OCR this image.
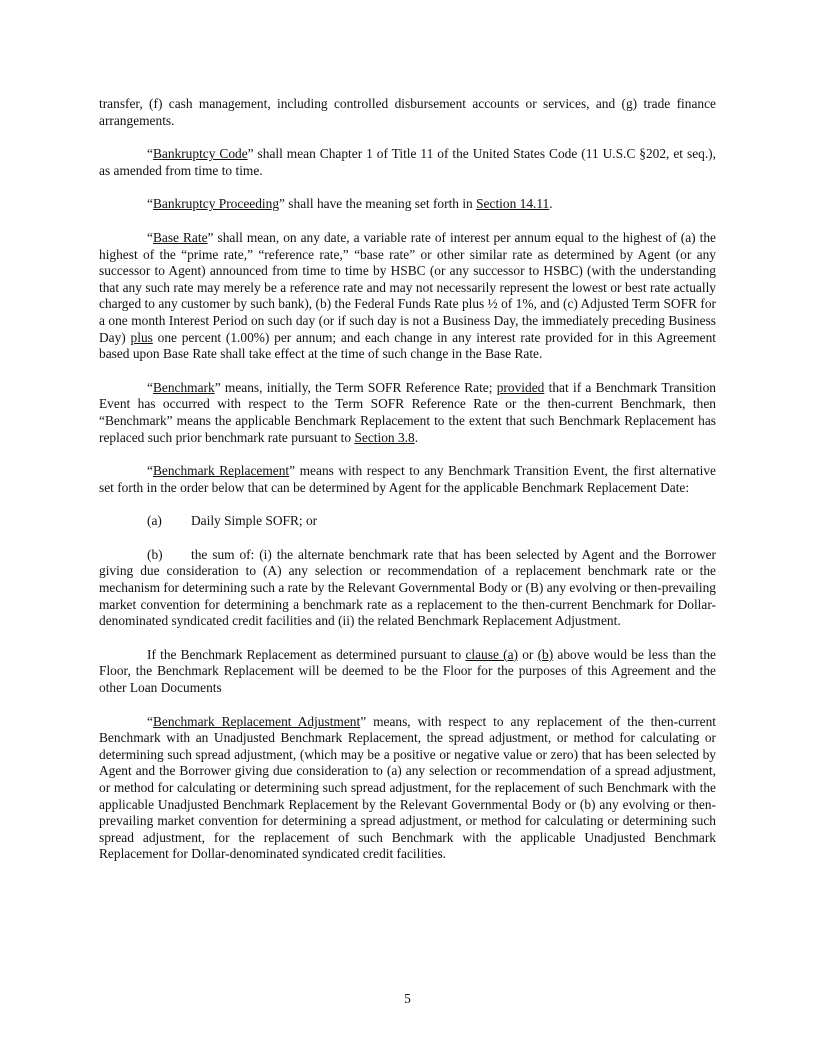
transfer, (f) cash management, including controlled disbursement accounts or services, and (g) trade finance arrangements.

“Bankruptcy Code” shall mean Chapter 1 of Title 11 of the United States Code (11 U.S.C §202, et seq.), as amended from time to time.

“Bankruptcy Proceeding” shall have the meaning set forth in Section 14.11.

“Base Rate” shall mean, on any date, a variable rate of interest per annum equal to the highest of (a) the highest of the “prime rate,” “reference rate,” “base rate” or other similar rate as determined by Agent (or any successor to Agent) announced from time to time by HSBC (or any successor to HSBC) (with the understanding that any such rate may merely be a reference rate and may not necessarily represent the lowest or best rate actually charged to any customer by such bank), (b) the Federal Funds Rate plus ½ of 1%, and (c) Adjusted Term SOFR for a one month Interest Period on such day (or if such day is not a Business Day, the immediately preceding Business Day) plus one percent (1.00%) per annum; and each change in any interest rate provided for in this Agreement based upon Base Rate shall take effect at the time of such change in the Base Rate.

“Benchmark” means, initially, the Term SOFR Reference Rate; provided that if a Benchmark Transition Event has occurred with respect to the Term SOFR Reference Rate or the then-current Benchmark, then “Benchmark” means the applicable Benchmark Replacement to the extent that such Benchmark Replacement has replaced such prior benchmark rate pursuant to Section 3.8.

“Benchmark Replacement” means with respect to any Benchmark Transition Event, the first alternative set forth in the order below that can be determined by Agent for the applicable Benchmark Replacement Date:

(a) Daily Simple SOFR; or
(b) the sum of: (i) the alternate benchmark rate that has been selected by Agent and the Borrower giving due consideration to (A) any selection or recommendation of a replacement benchmark rate or the mechanism for determining such a rate by the Relevant Governmental Body or (B) any evolving or then-prevailing market convention for determining a benchmark rate as a replacement to the then-current Benchmark for Dollar-denominated syndicated credit facilities and (ii) the related Benchmark Replacement Adjustment.

If the Benchmark Replacement as determined pursuant to clause (a) or (b) above would be less than the Floor, the Benchmark Replacement will be deemed to be the Floor for the purposes of this Agreement and the other Loan Documents

“Benchmark Replacement Adjustment” means, with respect to any replacement of the then-current Benchmark with an Unadjusted Benchmark Replacement, the spread adjustment, or method for calculating or determining such spread adjustment, (which may be a positive or negative value or zero) that has been selected by Agent and the Borrower giving due consideration to (a) any selection or recommendation of a spread adjustment, or method for calculating or determining such spread adjustment, for the replacement of such Benchmark with the applicable Unadjusted Benchmark Replacement by the Relevant Governmental Body or (b) any evolving or then-prevailing market convention for determining a spread adjustment, or method for calculating or determining such spread adjustment, for the replacement of such Benchmark with the applicable Unadjusted Benchmark Replacement for Dollar-denominated syndicated credit facilities.

5
